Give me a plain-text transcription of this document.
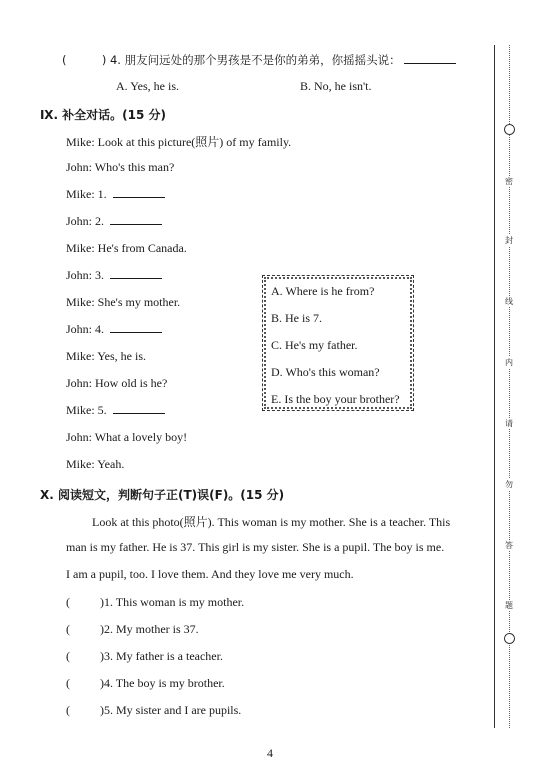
(	) 4. 朋友问远处的那个男孩是不是你的弟弟，你摇摇头说：
A. Yes, he is.	B. No, he isn't.
Ⅸ. 补全对话。(15 分)
Mike: Look at this picture(照片) of my family.
John: Who's this man?
Mike: 1.
John: 2.
Mike: He's from Canada.
John: 3.
Mike: She's my mother.
John: 4.
Mike: Yes, he is.
John: How old is he?
Mike: 5.
John: What a lovely boy!
Mike: Yeah.
A. Where is he from?
B. He is 7.
C. He's my father.
D. Who's this woman?
E. Is the boy your brother?
Ⅹ. 阅读短文，判断句子正(T)误(F)。(15 分)
Look at this photo(照片). This woman is my mother. She is a teacher. This
man is my father. He is 37. This girl is my sister. She is a pupil. The boy is me.
I am a pupil, too. I love them. And they love me very much.
(	)1. This woman is my mother.
(	)2. My mother is 37.
(	)3. My father is a teacher.
(	)4. The boy is my brother.
(	)5. My sister and I are pupils.
密
封
线
内
请
勿
答
题
4
